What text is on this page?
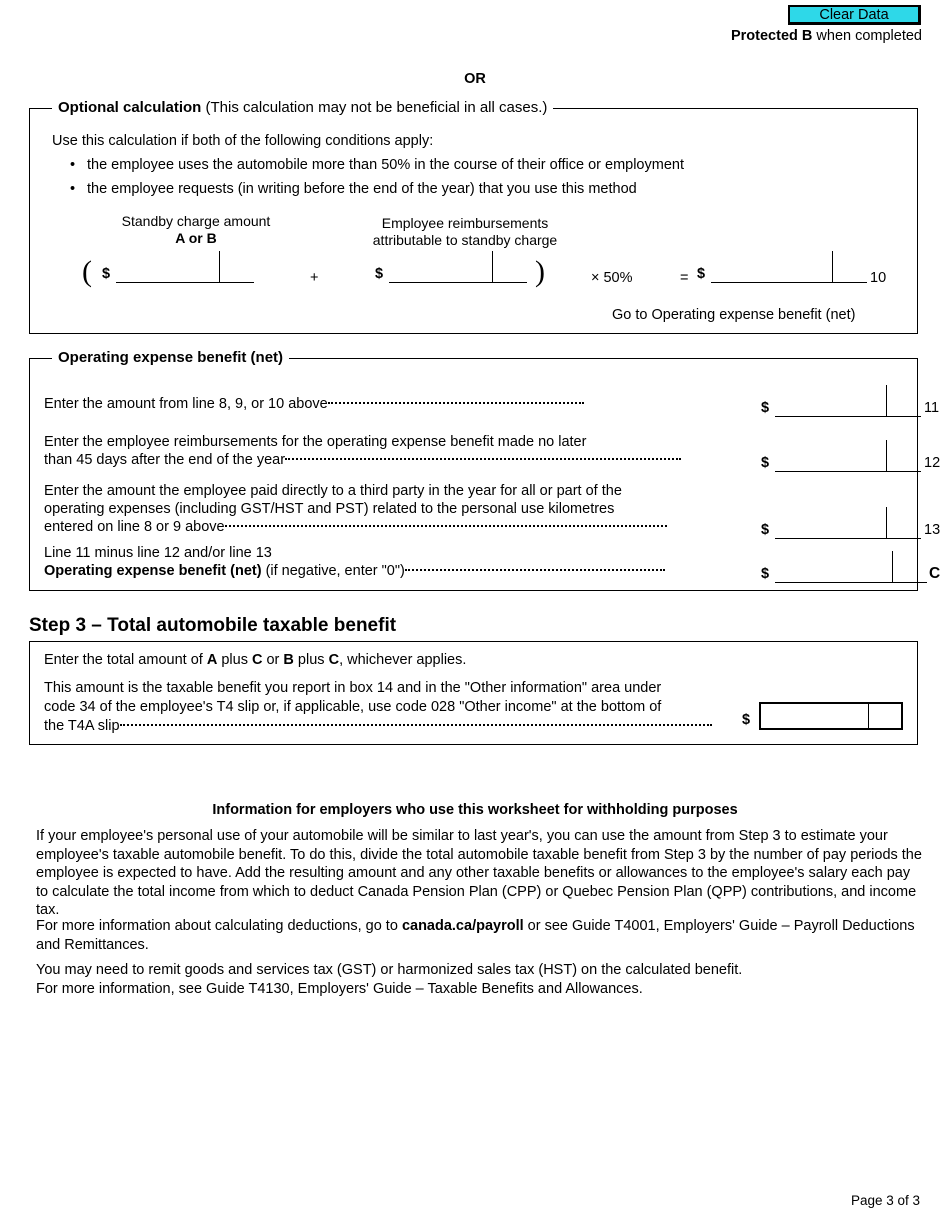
Clear Data
Protected B when completed
OR
Optional calculation (This calculation may not be beneficial in all cases.)
Use this calculation if both of the following conditions apply:
• the employee uses the automobile more than 50% in the course of their office or employment
• the employee requests (in writing before the end of the year) that you use this method
Standby charge amount
A or B
Employee reimbursements
attributable to standby charge
( $	+	$	)	× 50%	= $	10
Go to Operating expense benefit (net)
Operating expense benefit (net)
Enter the amount from line 8, 9, or 10 above	$	11
Enter the employee reimbursements for the operating expense benefit made no later
than 45 days after the end of the year	$	12
Enter the amount the employee paid directly to a third party in the year for all or part of the
operating expenses (including GST/HST and PST) related to the personal use kilometres
entered on line 8 or 9 above	$	13
Line 11 minus line 12 and/or line 13
Operating expense benefit (net) (if negative, enter "0")	$	C
Step 3 – Total automobile taxable benefit
Enter the total amount of A plus C or B plus C, whichever applies.
This amount is the taxable benefit you report in box 14 and in the "Other information" area under
code 34 of the employee's T4 slip or, if applicable, use code 028 "Other income" at the bottom of
the T4A slip	$
Information for employers who use this worksheet for withholding purposes
If your employee's personal use of your automobile will be similar to last year's, you can use the amount from Step 3 to estimate your employee's taxable automobile benefit. To do this, divide the total automobile taxable benefit from Step 3 by the number of pay periods the employee is expected to have. Add the resulting amount and any other taxable benefits or allowances to the employee's salary each pay to calculate the total income from which to deduct Canada Pension Plan (CPP) or Quebec Pension Plan (QPP) contributions, and income tax.
For more information about calculating deductions, go to canada.ca/payroll or see Guide T4001, Employers' Guide – Payroll Deductions and Remittances.
You may need to remit goods and services tax (GST) or harmonized sales tax (HST) on the calculated benefit.
For more information, see Guide T4130, Employers' Guide – Taxable Benefits and Allowances.
Page 3 of 3
